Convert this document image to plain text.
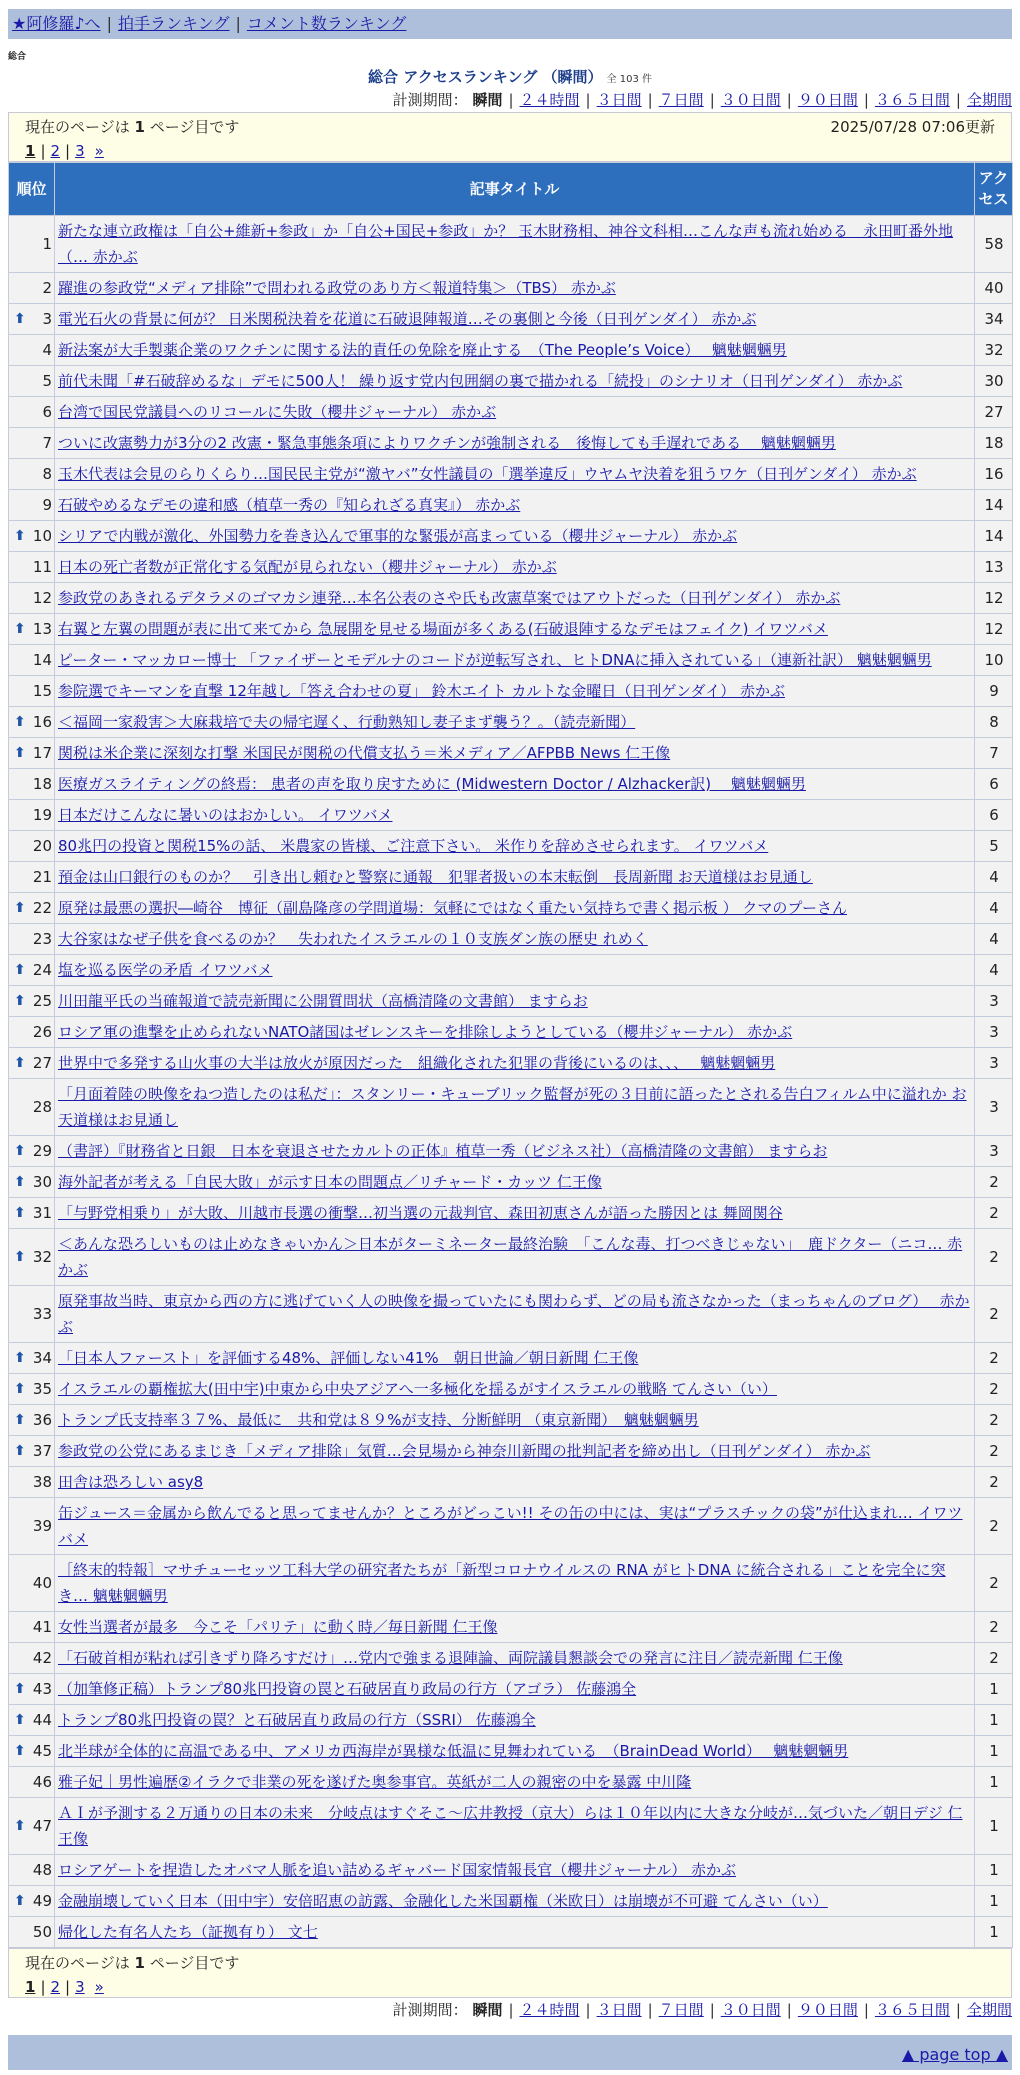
★阿修羅♪へ | 拍手ランキング | コメント数ランキング
総合
総合 アクセスランキング （瞬間） 全 103 件
計測期間： 瞬間 | ２４時間 | ３日間 | ７日間 | ３０日間 | ９０日間 | ３６５日間 | 全期間
現在のページは 1 ページ目です	2025/07/28 07:06更新
1 | 2 | 3 »
順位	記事タイトル	アクセス
1	新たな連立政権は「自公+維新+参政」か「自公+国民+参政」か？ 玉木財務相、神谷文科相…こんな声も流れ始める　永田町番外地（… 赤かぶ	58
2	躍進の参政党“メディア排除”で問われる政党のあり方＜報道特集＞（TBS） 赤かぶ	40

⬆ 3	電光石火の背景に何が？ 日米関税決着を花道に石破退陣報道…その裏側と今後（日刊ゲンダイ） 赤かぶ	34
4	新法案が大手製薬企業のワクチンに関する法的責任の免除を廃止する　（The People’s Voice）　 魑魅魍魎男	32
5	前代未聞「#石破辞めるな」デモに500人！ 繰り返す党内包囲網の裏で描かれる「続投」のシナリオ（日刊ゲンダイ） 赤かぶ	30
6	台湾で国民党議員へのリコールに失敗（櫻井ジャーナル） 赤かぶ	27
7	ついに改憲勢力が3分の2 改憲・緊急事態条項によりワクチンが強制される　後悔しても手遅れである　 魑魅魍魎男	18
8	玉木代表は会見のらりくらり…国民民主党が“激ヤバ”女性議員の「選挙違反」ウヤムヤ決着を狙うワケ（日刊ゲンダイ） 赤かぶ	16
9	石破やめるなデモの違和感（植草一秀の『知られざる真実』） 赤かぶ	14

⬆ 10	シリアで内戦が激化、外国勢力を巻き込んで軍事的な緊張が高まっている（櫻井ジャーナル） 赤かぶ	14
11	日本の死亡者数が正常化する気配が見られない（櫻井ジャーナル） 赤かぶ	13
12	参政党のあきれるデタラメのゴマカシ連発…本名公表のさや氏も改憲草案ではアウトだった（日刊ゲンダイ） 赤かぶ	12

⬆ 13	右翼と左翼の問題が表に出て来てから 急展開を見せる場面が多くある(石破退陣するなデモはフェイク) イワツバメ	12
14	ピーター・マッカロー博士 「ファイザーとモデルナのコードが逆転写され、ヒトDNAに挿入されている」（連新社訳） 魑魅魍魎男	10
15	参院選でキーマンを直撃 12年越し「答え合わせの夏」 鈴木エイト カルトな金曜日（日刊ゲンダイ） 赤かぶ	9

⬆ 16	＜福岡一家殺害＞大麻栽培で夫の帰宅遅く、行動熟知し妻子まず襲う？。（読売新聞）	8

⬆ 17	関税は米企業に深刻な打撃 米国民が関税の代償支払う＝米メディア／AFPBB News 仁王像	7
18	医療ガスライティングの終焉： 患者の声を取り戻すために (Midwestern Doctor / Alzhacker訳)　 魑魅魍魎男	6
19	日本だけこんなに暑いのはおかしい。 イワツバメ	6
20	80兆円の投資と関税15%の話、 米農家の皆様、ご注意下さい。 米作りを辞めさせられます。 イワツバメ	5
21	預金は山口銀行のものか？　引き出し頼むと警察に通報　犯罪者扱いの本末転倒　長周新聞 お天道様はお見通し	4

⬆ 22	原発は最悪の選択―崎谷　博征（副島隆彦の学問道場：気軽にではなく重たい気持ちで書く掲示板 ） クマのプーさん	4
23	大谷家はなぜ子供を食べるのか？　失われたイスラエルの１０支族ダン族の歴史 れめく	4

⬆ 24	塩を巡る医学の矛盾 イワツバメ	4

⬆ 25	川田龍平氏の当確報道で読売新聞に公開質問状（高橋清隆の文書館） ますらお	3
26	ロシア軍の進撃を止められないNATO諸国はゼレンスキーを排除しようとしている（櫻井ジャーナル） 赤かぶ	3

⬆ 27	世界中で多発する山火事の大半は放火が原因だった　組織化された犯罪の背後にいるのは、、、　 魑魅魍魎男	3
28	「月面着陸の映像をねつ造したのは私だ」：スタンリー・キューブリック監督が死の３日前に語ったとされる告白フィルム中に溢れか お天道様はお見通し	3

⬆ 29	（書評）『財務省と日銀　日本を衰退させたカルトの正体』植草一秀（ビジネス社）（高橋清隆の文書館） ますらお	3

⬆ 30	海外記者が考える「自民大敗」が示す日本の問題点／リチャード・カッツ 仁王像	2

⬆ 31	「与野党相乗り」が大敗、川越市長選の衝撃…初当選の元裁判官、森田初恵さんが語った勝因とは 舞岡関谷	2

⬆ 32	＜あんな恐ろしいものは止めなきゃいかん＞日本がターミネーター最終治験　「こんな毒、打つべきじゃない」　鹿ドクター（ニコ… 赤かぶ	2
33	原発事故当時、東京から西の方に逃げていく人の映像を撮っていたにも関わらず、どの局も流さなかった（まっちゃんのブログ）　 赤かぶ	2

⬆ 34	「日本人ファースト」を評価する48%、評価しない41%　朝日世論／朝日新聞 仁王像	2

⬆ 35	イスラエルの覇権拡大(田中宇)中東から中央アジアへ一多極化を揺るがすイスラエルの戦略 てんさい（い）	2

⬆ 36	トランプ氏支持率３７%、最低に　共和党は８９%が支持、分断鮮明 （東京新聞）　魑魅魍魎男	2

⬆ 37	参政党の公党にあるまじき「メディア排除」気質…会見場から神奈川新聞の批判記者を締め出し（日刊ゲンダイ） 赤かぶ	2
38	田舎は恐ろしい asy8	2
39	缶ジュース＝金属から飲んでると思ってませんか？ところがどっこい!! その缶の中には、実は“プラスチックの袋”が仕込まれ… イワツバメ	2
40	［終末的特報］マサチューセッツ工科大学の研究者たちが「新型コロナウイルスの RNA がヒトDNA に統合される」ことを完全に突き… 魑魅魍魎男	2
41	女性当選者が最多　今こそ「パリテ」に動く時／毎日新聞 仁王像	2
42	「石破首相が粘れば引きずり降ろすだけ」…党内で強まる退陣論、両院議員懇談会での発言に注目／読売新聞 仁王像	2

⬆ 43	（加筆修正稿）トランプ80兆円投資の罠と石破居直り政局の行方（アゴラ） 佐藤鴻全	1

⬆ 44	トランプ80兆円投資の罠？と石破居直り政局の行方（SSRI） 佐藤鴻全	1

⬆ 45	北半球が全体的に高温である中、アメリカ西海岸が異様な低温に見舞われている　（BrainDead World）　 魑魅魍魎男	1
46	雅子妃｜男性遍歴②イラクで非業の死を遂げた奥参事官。英紙が二人の親密の中を暴露 中川隆	1

⬆ 47	ＡＩが予測する２万通りの日本の未来　分岐点はすぐそこ～広井教授（京大）らは１０年以内に大きな分岐が…気づいた／朝日デジ 仁王像	1
48	ロシアゲートを捏造したオバマ人脈を追い詰めるギャバード国家情報長官（櫻井ジャーナル） 赤かぶ	1

⬆ 49	金融崩壊していく日本（田中宇）安倍昭恵の訪露、金融化した米国覇権（米欧日）は崩壊が不可避 てんさい（い）	1
50	帰化した有名人たち（証拠有り） 文七	1
現在のページは 1 ページ目です
1 | 2 | 3 »
計測期間： 瞬間 | ２４時間 | ３日間 | ７日間 | ３０日間 | ９０日間 | ３６５日間 | 全期間
▲ page top ▲
